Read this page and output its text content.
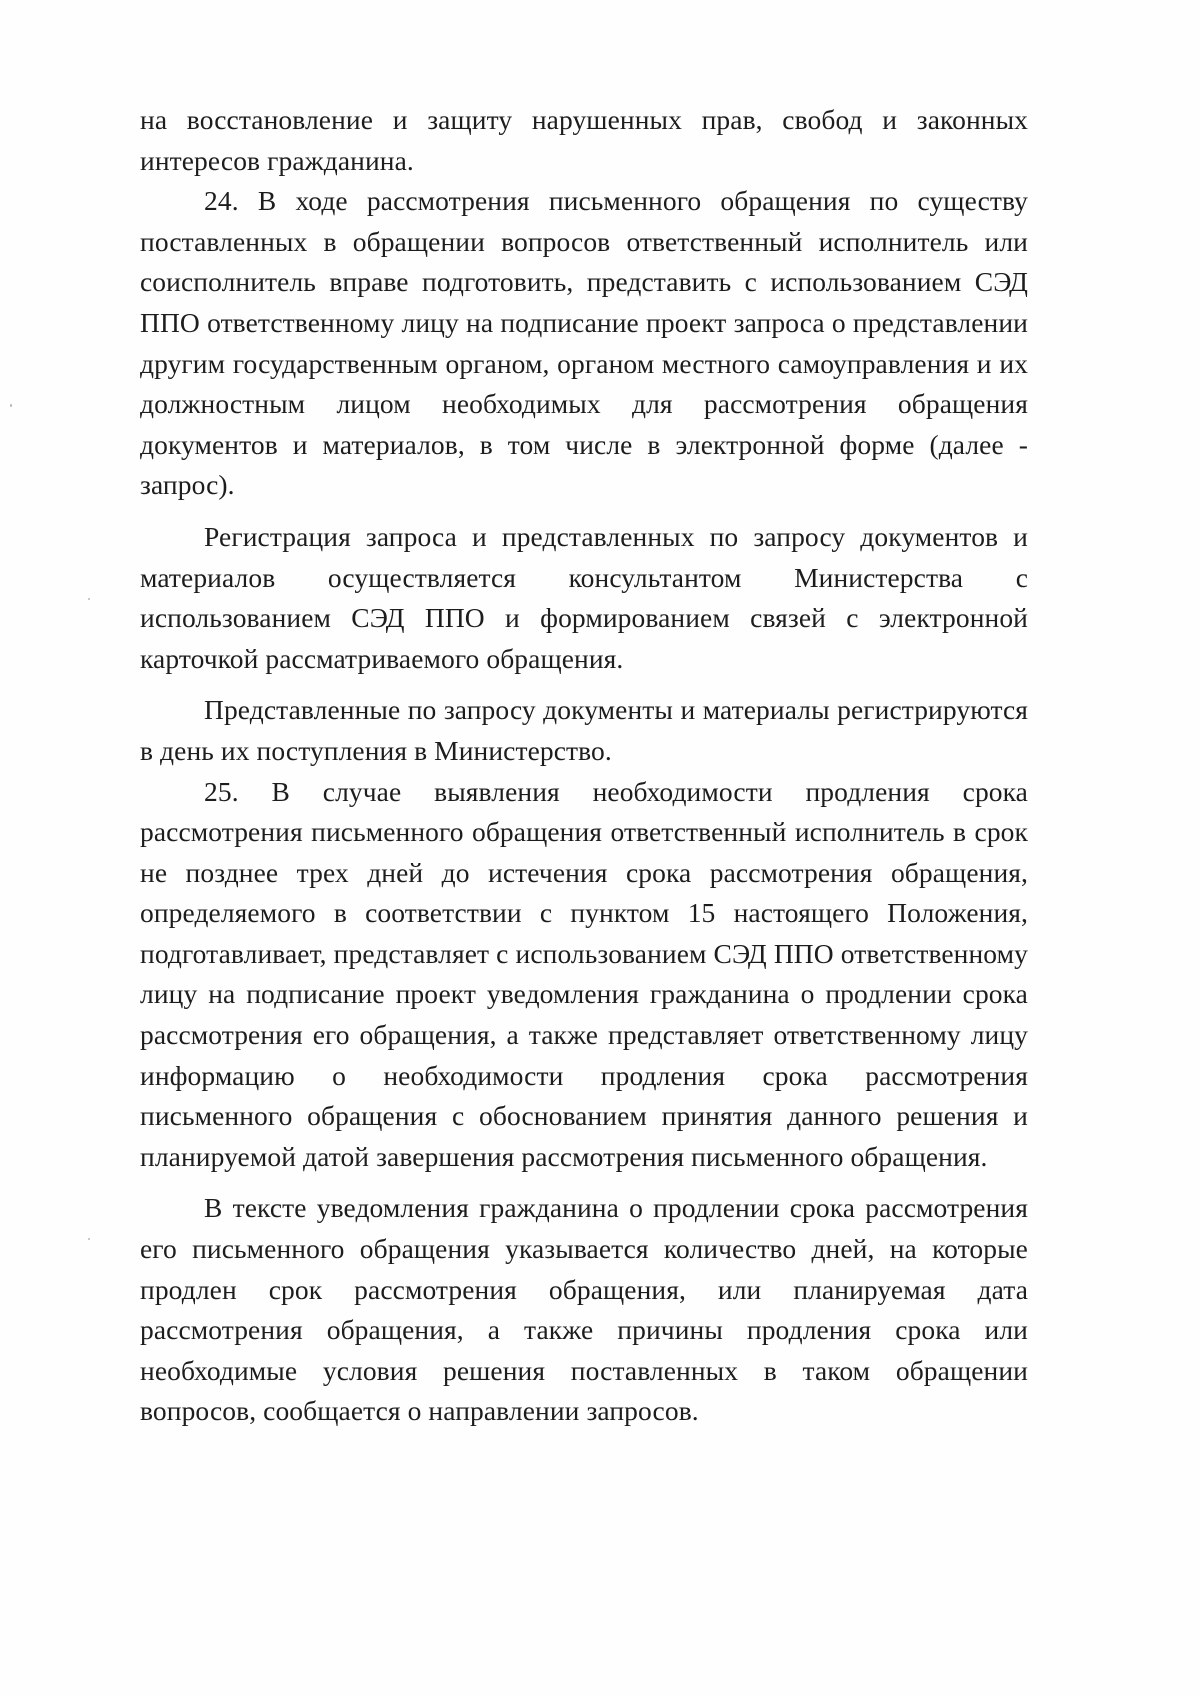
на восстановление и защиту нарушенных прав, свобод и законных интересов гражданина.

24. В ходе рассмотрения письменного обращения по существу поставленных в обращении вопросов ответственный исполнитель или соисполнитель вправе подготовить, представить с использованием СЭД ППО ответственному лицу на подписание проект запроса о представлении другим государственным органом, органом местного самоуправления и их должностным лицом необходимых для рассмотрения обращения документов и материалов, в том числе в электронной форме (далее - запрос).

Регистрация запроса и представленных по запросу документов и материалов осуществляется консультантом Министерства с использованием СЭД ППО и формированием связей с электронной карточкой рассматриваемого обращения.

Представленные по запросу документы и материалы регистрируются в день их поступления в Министерство.

25. В случае выявления необходимости продления срока рассмотрения письменного обращения ответственный исполнитель в срок не позднее трех дней до истечения срока рассмотрения обращения, определяемого в соответствии с пунктом 15 настоящего Положения, подготавливает, представляет с использованием СЭД ППО ответственному лицу на подписание проект уведомления гражданина о продлении срока рассмотрения его обращения, а также представляет ответственному лицу информацию о необходимости продления срока рассмотрения письменного обращения с обоснованием принятия данного решения и планируемой датой завершения рассмотрения письменного обращения.

В тексте уведомления гражданина о продлении срока рассмотрения его письменного обращения указывается количество дней, на которые продлен срок рассмотрения обращения, или планируемая дата рассмотрения обращения, а также причины продления срока или необходимые условия решения поставленных в таком обращении вопросов, сообщается о направлении запросов.
